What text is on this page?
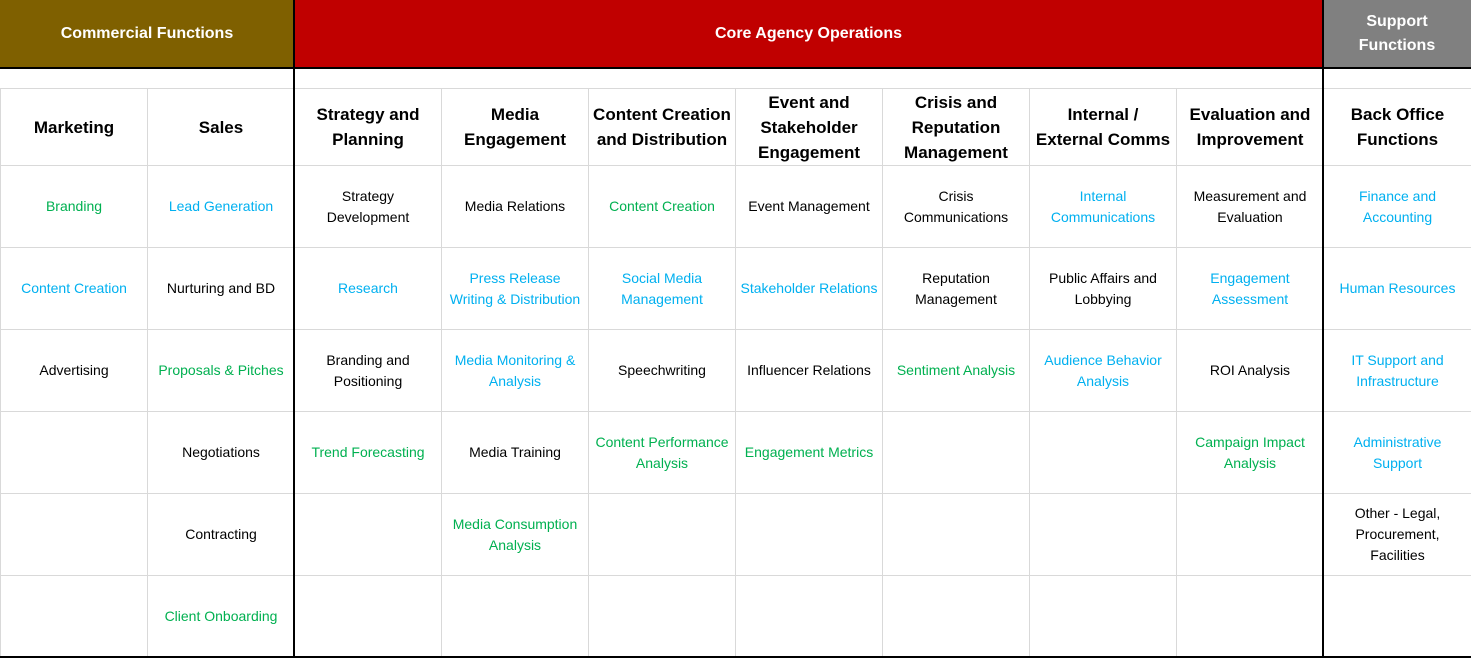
Commercial Functions	Core Agency Operations
Support Functions
Marketing	Sales	Strategy and Planning	Media Engagement	Content Creation and Distribution	Event and Stakeholder Engagement	Crisis and Reputation Management	Internal / External Comms	Evaluation and Improvement	Back Office Functions
Branding	Lead Generation	Strategy Development	Media Relations	Content Creation	Event Management	Crisis Communications	Internal Communications	Measurement and Evaluation	Finance and Accounting
Content Creation	Nurturing and BD	Research	Press Release Writing & Distribution	Social Media Management	Stakeholder Relations	Reputation Management	Public Affairs and Lobbying	Engagement Assessment	Human Resources
Advertising	Proposals & Pitches	Branding and Positioning	Media Monitoring & Analysis	Speechwriting	Influencer Relations	Sentiment Analysis	Audience Behavior Analysis	ROI Analysis	IT Support and Infrastructure
	Negotiations	Trend Forecasting	Media Training	Content Performance Analysis	Engagement Metrics			Campaign Impact Analysis	Administrative Support
	Contracting		Media Consumption Analysis						Other - Legal, Procurement, Facilities
	Client Onboarding								
